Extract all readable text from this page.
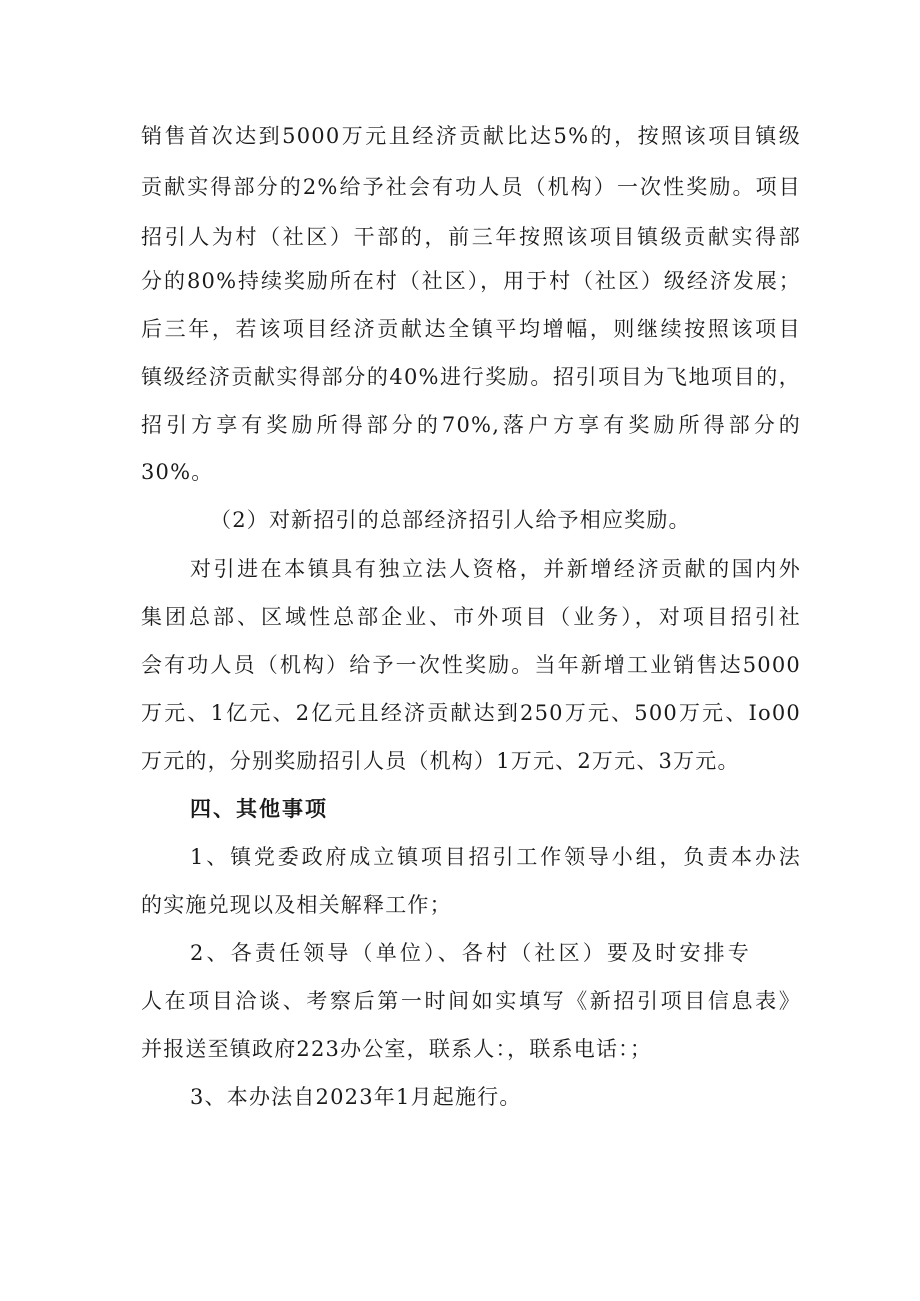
销售首次达到5000万元且经济贡献比达5%的，按照该项目镇级

贡献实得部分的2%给予社会有功人员（机构）一次性奖励。项目

招引人为村（社区）干部的，前三年按照该项目镇级贡献实得部

分的80%持续奖励所在村（社区），用于村（社区）级经济发展；

后三年，若该项目经济贡献达全镇平均增幅，则继续按照该项目

镇级经济贡献实得部分的40%进行奖励。招引项目为飞地项目的，

招引方享有奖励所得部分的70%,落户方享有奖励所得部分的

30%。

（2）对新招引的总部经济招引人给予相应奖励。

对引进在本镇具有独立法人资格，并新增经济贡献的国内外

集团总部、区域性总部企业、市外项目（业务），对项目招引社

会有功人员（机构）给予一次性奖励。当年新增工业销售达5000

万元、1亿元、2亿元且经济贡献达到250万元、500万元、Io00

万元的，分别奖励招引人员（机构）1万元、2万元、3万元。

四、其他事项

1、镇党委政府成立镇项目招引工作领导小组，负责本办法

的实施兑现以及相关解释工作；

2、各责任领导（单位）、各村（社区）要及时安排专

人在项目洽谈、考察后第一时间如实填写《新招引项目信息表》

并报送至镇政府223办公室，联系人：，联系电话：；

3、本办法自2023年1月起施行。
